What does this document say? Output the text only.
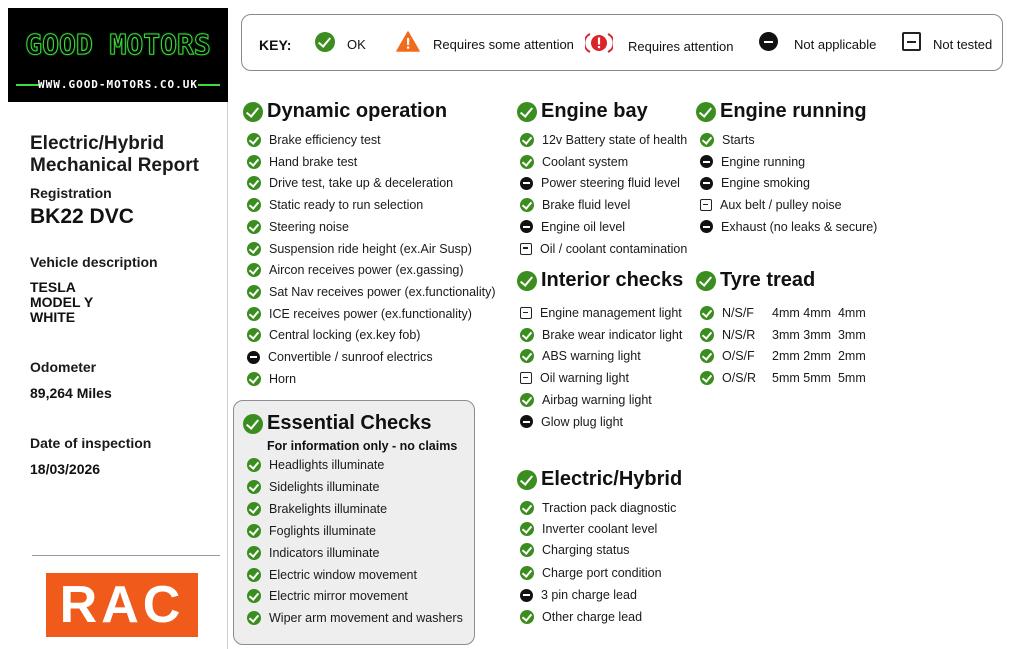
GOOD MOTORS
WWW.GOOD-MOTORS.CO.UK
Electric/Hybrid
Mechanical Report
Registration
BK22 DVC
Vehicle description
TESLA
MODEL Y
WHITE
Odometer
89,264 Miles
Date of inspection
18/03/2026
RAC
KEY:	OK	Requires some attention	Requires attention	Not applicable	Not tested
Dynamic operation
Essential Checks
For information only - no claims
Engine bay
Interior checks
Electric/Hybrid
Engine running
Tyre tread
Brake efficiency test
Hand brake test
Drive test, take up & deceleration
Static ready to run selection
Steering noise
Suspension ride height (ex.Air Susp)
Aircon receives power (ex.gassing)
Sat Nav receives power (ex.functionality)
ICE receives power (ex.functionality)
Central locking (ex.key fob)
Convertible / sunroof electrics
Horn
Headlights illuminate
Sidelights illuminate
Brakelights illuminate
Foglights illuminate
Indicators illuminate
Electric window movement
Electric mirror movement
Wiper arm movement and washers
12v Battery state of health
Coolant system
Power steering fluid level
Brake fluid level
Engine oil level
Oil / coolant contamination
Engine management light
Brake wear indicator light
ABS warning light
Oil warning light
Airbag warning light
Glow plug light
Traction pack diagnostic
Inverter coolant level
Charging status
Charge port condition
3 pin charge lead
Other charge lead
Starts
Engine running
Engine smoking
Aux belt / pulley noise
Exhaust (no leaks & secure)
N/S/F 4mm 4mm  4mm
N/S/R 3mm 3mm  3mm
O/S/F 2mm 2mm  2mm
O/S/R 5mm 5mm  5mm
